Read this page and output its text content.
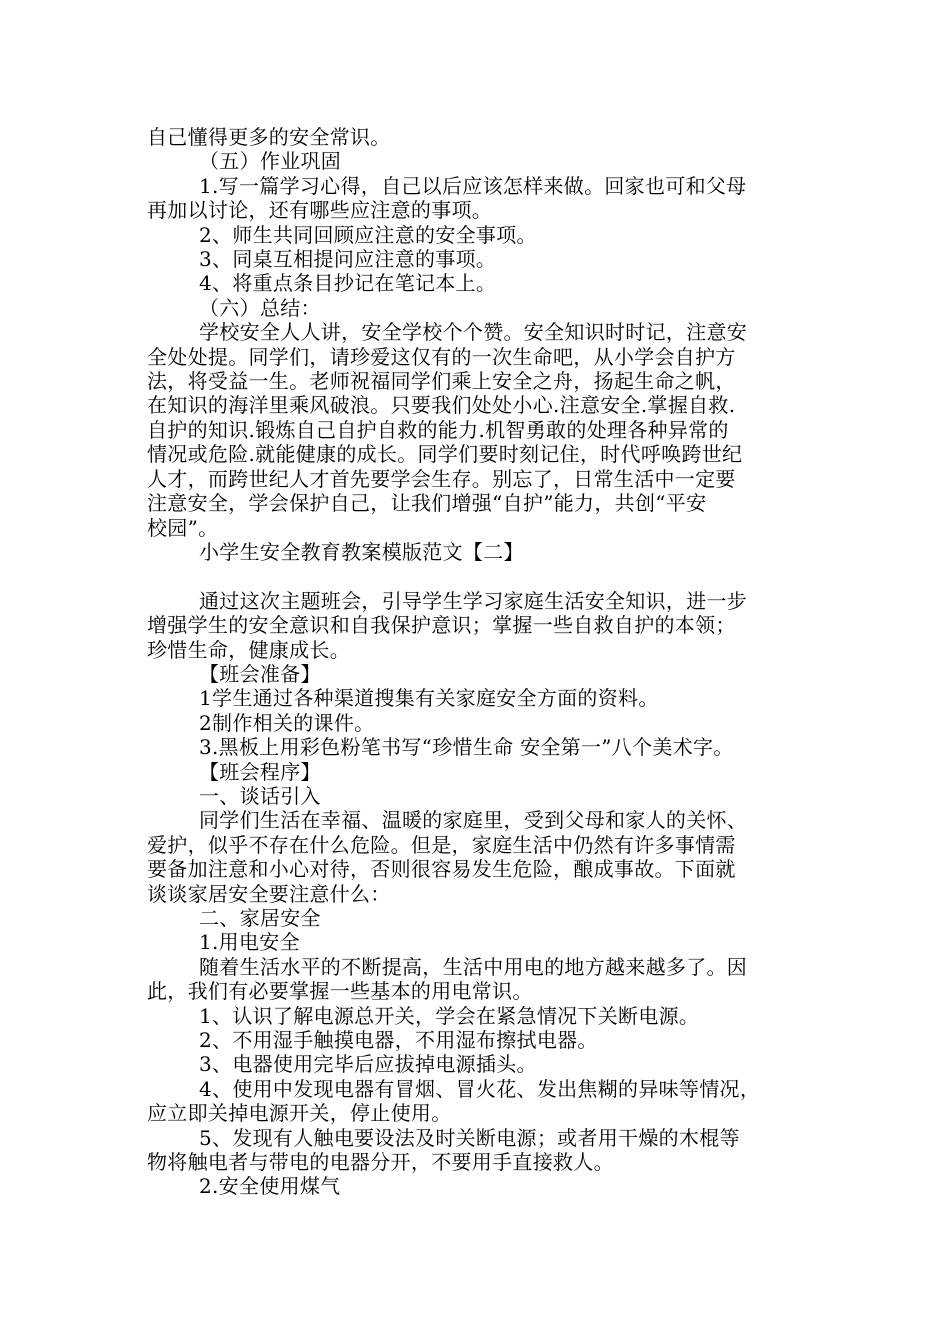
自己懂得更多的安全常识。

（五）作业巩固

1.写一篇学习心得，自己以后应该怎样来做。回家也可和父母

再加以讨论，还有哪些应注意的事项。

2、师生共同回顾应注意的安全事项。

3、同桌互相提问应注意的事项。

4、将重点条目抄记在笔记本上。

（六）总结：

学校安全人人讲，安全学校个个赞。安全知识时时记，注意安

全处处提。同学们，请珍爱这仅有的一次生命吧，从小学会自护方

法，将受益一生。老师祝福同学们乘上安全之舟，扬起生命之帆，

在知识的海洋里乘风破浪。只要我们处处小心.注意安全.掌握自救.

自护的知识.锻炼自己自护自救的能力.机智勇敢的处理各种异常的

情况或危险.就能健康的成长。同学们要时刻记住，时代呼唤跨世纪

人才，而跨世纪人才首先要学会生存。别忘了，日常生活中一定要

注意安全，学会保护自己，让我们增强“自护”能力，共创“平安

校园”。

小学生安全教育教案模版范文【二】

通过这次主题班会，引导学生学习家庭生活安全知识，进一步

增强学生的安全意识和自我保护意识；掌握一些自救自护的本领；

珍惜生命，健康成长。

【班会准备】

1学生通过各种渠道搜集有关家庭安全方面的资料。

2制作相关的课件。

3.黑板上用彩色粉笔书写“珍惜生命 安全第一”八个美术字。

【班会程序】

一、谈话引入

同学们生活在幸福、温暖的家庭里，受到父母和家人的关怀、

爱护，似乎不存在什么危险。但是，家庭生活中仍然有许多事情需

要备加注意和小心对待，否则很容易发生危险，酿成事故。下面就

谈谈家居安全要注意什么：

二、家居安全

1.用电安全

随着生活水平的不断提高，生活中用电的地方越来越多了。因

此，我们有必要掌握一些基本的用电常识。

1、认识了解电源总开关，学会在紧急情况下关断电源。

2、不用湿手触摸电器，不用湿布擦拭电器。

3、电器使用完毕后应拔掉电源插头。

4、使用中发现电器有冒烟、冒火花、发出焦糊的异味等情况，

应立即关掉电源开关，停止使用。

5、发现有人触电要设法及时关断电源；或者用干燥的木棍等

物将触电者与带电的电器分开，不要用手直接救人。

2.安全使用煤气
